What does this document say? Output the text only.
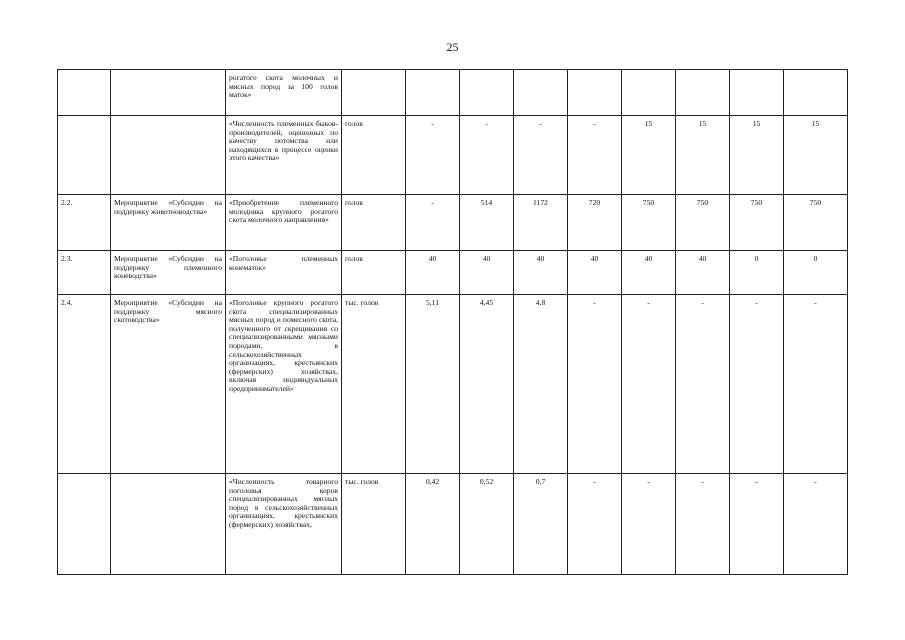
25
		рогатого скота молочных и мясных пород за 100 голов маток»									
		«Численность племенных быков-производителей, оцененных по качеству потомства или находящихся в процессе оценки этого качества»	голов	-	-	-	-	15	15	15	15
2.2.	Мероприятие «Субсидии на поддержку животноводства»	«Приобретение племенного молодняка крупного рогатого скота молочного направления»	голов	-	514	1172	720	750	750	750	750
2.3.	Мероприятие «Субсидии на поддержку племенного коневодства»	«Поголовье племенных конематок»	голов	40	40	40	40	40	40	0	0
2.4.	Мероприятие «Субсидии на поддержку мясного скотоводства»	«Поголовье крупного рогатого скота специализированных мясных пород и помесного скота, полученного от скрещивания со специализированными мясными породами, в сельскохозяйственных организациях, крестьянских (фермерских) хозяйствах, включая индивидуальных предпринимателей»	тыс. голов	5,11	4,45	4,8	-	-	-	-	-
		«Численность товарного поголовья коров специализированных мясных пород в сельскохозяйственных организациях, крестьянских (фермерских) хозяйствах,	тыс. голов	0,42	0,52	0,7	-	-	-	-	-
